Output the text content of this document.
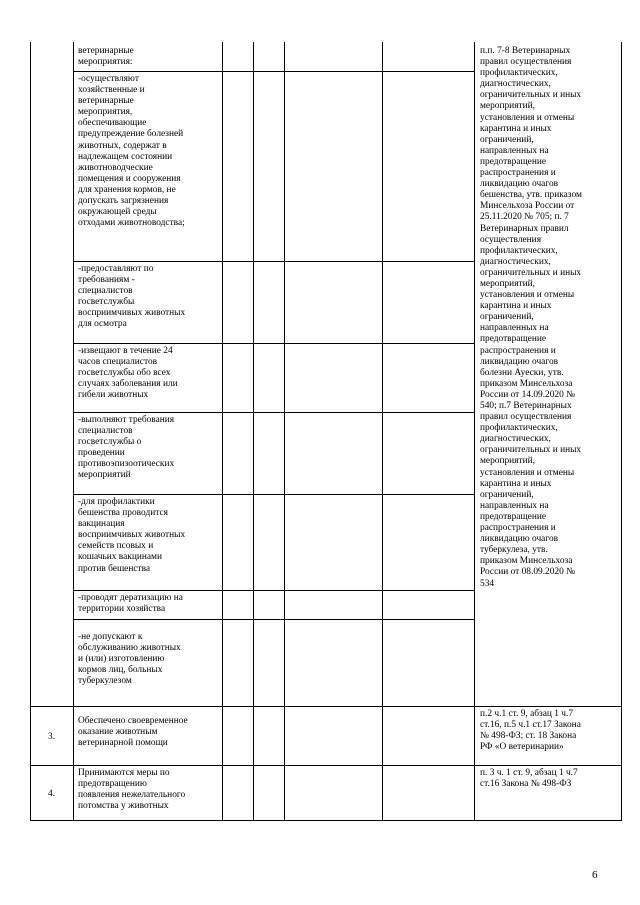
ветеринарные
мероприятия:
-осуществляют
хозяйственные и
ветеринарные
мероприятия,
обеспечивающие
предупреждение болезней
животных, содержат в
надлежащем состоянии
животноводческие
помещения и сооружения
для хранения кормов, не
допускать загрязнения
окружающей среды
отходами животноводства;
-предоставляют по
требованиям -
специалистов
госветслужбы
восприимчивых животных
для осмотра
-извещают в течение 24
часов специалистов
госветслужбы обо всех
случаях заболевания или
гибели животных
-выполняют требования
специалистов
госветслужбы о
проведении
противоэпизоотических
мероприятий
-для профилактики
бешенства проводится
вакцинация
восприимчивых животных
семейств псовых и
кошачьих вакцинами
против бешенства
-проводят дератизацию на
территории хозяйства
-не допускают к
обслуживанию животных
и (или) изготовлению
кормов лиц, больных
туберкулезом
3.
Обеспечено своевременное
оказание животным
ветеринарной помощи
п.2 ч.1 ст. 9, абзац 1 ч.7
ст.16, п.5 ч.1 ст.17 Закона
№ 498-ФЗ; ст. 18 Закона
РФ «О ветеринарии»
4.
Принимаются меры по
предотвращению
появления нежелательного
потомства у животных
п. 3 ч. 1 ст. 9, абзац 1 ч.7
ст.16 Закона № 498-ФЗ
п.п. 7-8 Ветеринарных
правил осуществления
профилактических,
диагностических,
ограничительных и иных
мероприятий,
установления и отмены
карантина и иных
ограничений,
направленных на
предотвращение
распространения и
ликвидацию очагов
бешенства, утв. приказом
Минсельхоза России от
25.11.2020 № 705; п. 7
Ветеринарных правил
осуществления
профилактических,
диагностических,
ограничительных и иных
мероприятий,
установления и отмены
карантина и иных
ограничений,
направленных на
предотвращение
распространения и
ликвидацию очагов
болезни Ауески, утв.
приказом Минсельхоза
России от 14.09.2020 №
540; п.7 Ветеринарных
правил осуществления
профилактических,
диагностических,
ограничительных и иных
мероприятий,
установления и отмены
карантина и иных
ограничений,
направленных на
предотвращение
распространения и
ликвидацию очагов
туберкулеза, утв.
приказом Минсельхоза
России от 08.09.2020 №
534
6
